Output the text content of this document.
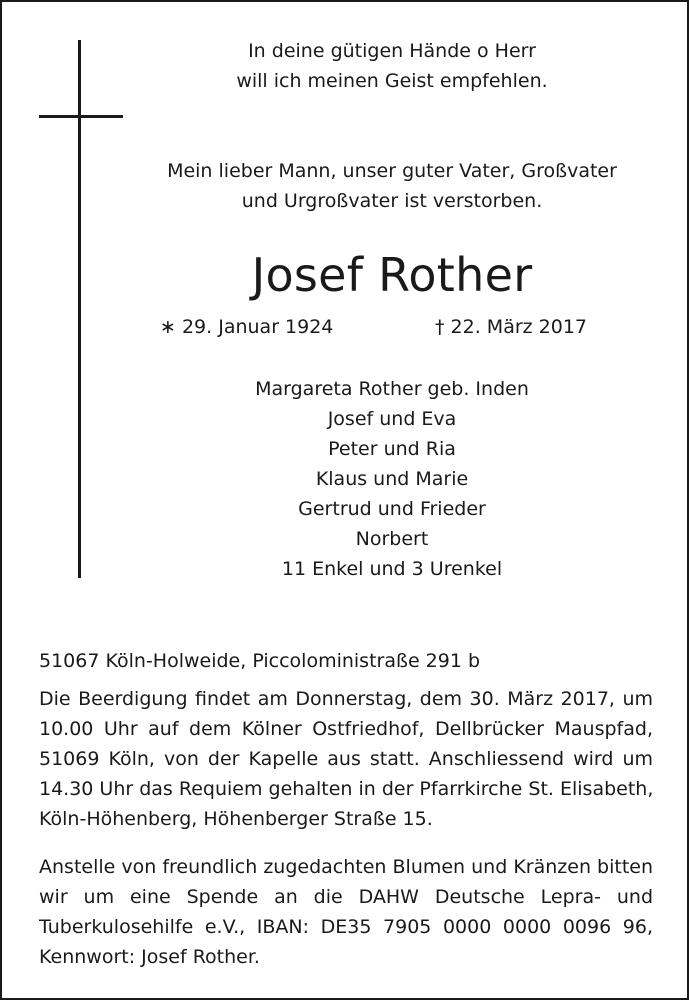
In deine gütigen Hände o Herr
will ich meinen Geist empfehlen.
Mein lieber Mann, unser guter Vater, Großvater
und Urgroßvater ist verstorben.
Josef Rother
∗ 29. Januar 1924	† 22. März 2017
Margareta Rother geb. Inden
Josef und Eva
Peter und Ria
Klaus und Marie
Gertrud und Frieder
Norbert
11 Enkel und 3 Urenkel
51067 Köln-Holweide, Piccoloministraße 291 b
Die Beerdigung findet am Donnerstag, dem 30. März 2017, um
10.00 Uhr auf dem Kölner Ostfriedhof, Dellbrücker Mauspfad,
51069 Köln, von der Kapelle aus statt. Anschliessend wird um
14.30 Uhr das Requiem gehalten in der Pfarrkirche St. Elisabeth,
Köln-Höhenberg, Höhenberger Straße 15.
Anstelle von freundlich zugedachten Blumen und Kränzen bitten
wir um eine Spende an die DAHW Deutsche Lepra- und
Tuberkulosehilfe e.V., IBAN: DE35 7905 0000 0000 0096 96,
Kennwort: Josef Rother.
